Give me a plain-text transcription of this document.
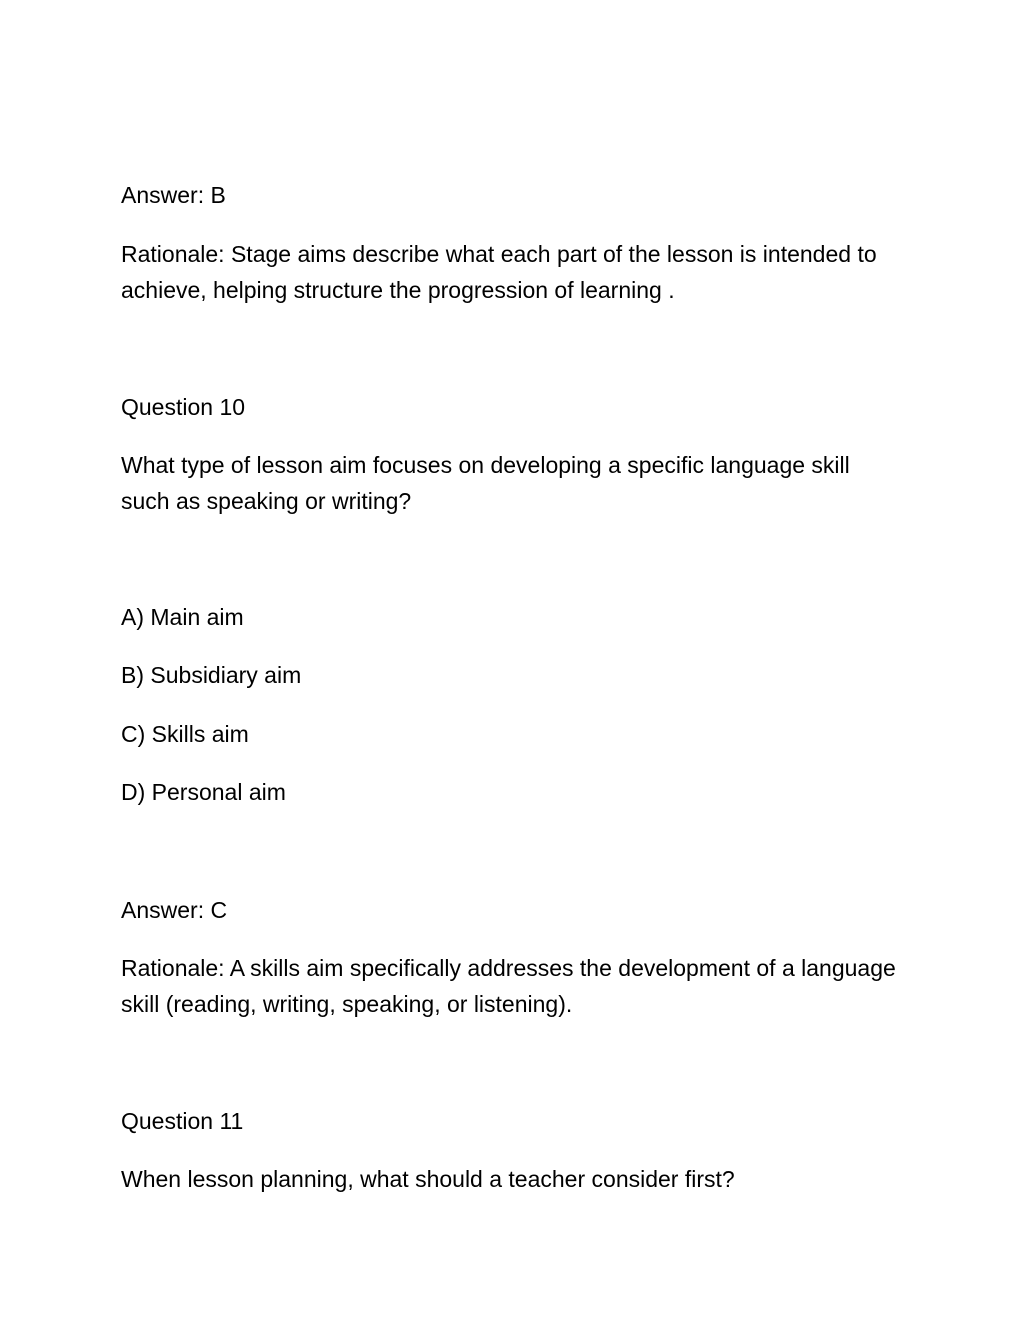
Answer: B

Rationale: Stage aims describe what each part of the lesson is intended to achieve, helping structure the progression of learning .

Question 10

What type of lesson aim focuses on developing a specific language skill such as speaking or writing?

A) Main aim

B) Subsidiary aim

C) Skills aim

D) Personal aim

Answer: C

Rationale: A skills aim specifically addresses the development of a language skill (reading, writing, speaking, or listening).

Question 11

When lesson planning, what should a teacher consider first?
